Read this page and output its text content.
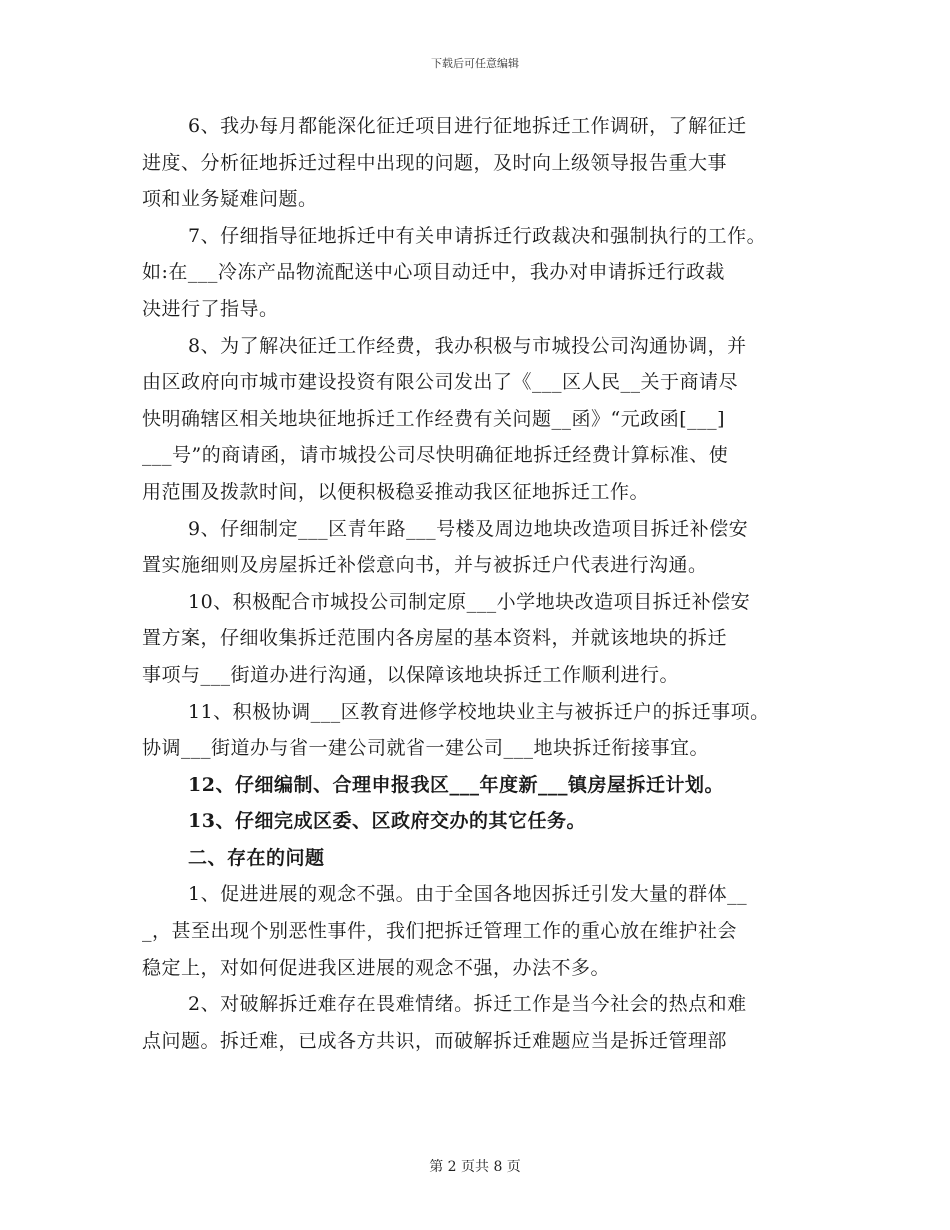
下载后可任意编辑
6、我办每月都能深化征迁项目进行征地拆迁工作调研，了解征迁
进度、分析征地拆迁过程中出现的问题，及时向上级领导报告重大事
项和业务疑难问题。
7、仔细指导征地拆迁中有关申请拆迁行政裁决和强制执行的工作。
如:在___冷冻产品物流配送中心项目动迁中，我办对申请拆迁行政裁
决进行了指导。
8、为了解决征迁工作经费，我办积极与市城投公司沟通协调，并
由区政府向市城市建设投资有限公司发出了《___区人民__关于商请尽
快明确辖区相关地块征地拆迁工作经费有关问题__函》“元政函[___]
___号”的商请函，请市城投公司尽快明确征地拆迁经费计算标准、使
用范围及拨款时间，以便积极稳妥推动我区征地拆迁工作。
9、仔细制定___区青年路___号楼及周边地块改造项目拆迁补偿安
置实施细则及房屋拆迁补偿意向书，并与被拆迁户代表进行沟通。
10、积极配合市城投公司制定原___小学地块改造项目拆迁补偿安
置方案，仔细收集拆迁范围内各房屋的基本资料，并就该地块的拆迁
事项与___街道办进行沟通，以保障该地块拆迁工作顺利进行。
11、积极协调___区教育进修学校地块业主与被拆迁户的拆迁事项。
协调___街道办与省一建公司就省一建公司___地块拆迁衔接事宜。
12、仔细编制、合理申报我区___年度新___镇房屋拆迁计划。
13、仔细完成区委、区政府交办的其它任务。
二、存在的问题
1、促进进展的观念不强。由于全国各地因拆迁引发大量的群体__
_，甚至出现个别恶性事件，我们把拆迁管理工作的重心放在维护社会
稳定上，对如何促进我区进展的观念不强，办法不多。
2、对破解拆迁难存在畏难情绪。拆迁工作是当今社会的热点和难
点问题。拆迁难，已成各方共识，而破解拆迁难题应当是拆迁管理部
第 2 页共 8 页
